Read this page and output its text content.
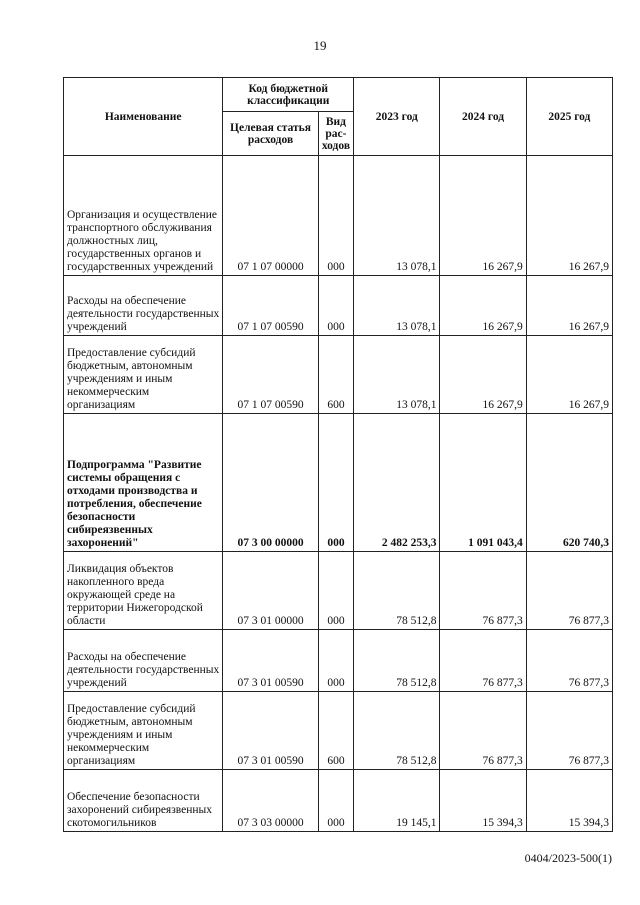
19
Наименование	Код бюджетной классификации		2023 год	2024 год	2025 год
	Целевая статья расходов	Вид рас- ходов			
Организация и осуществление транспортного обслуживания должностных лиц, государственных органов и государственных учреждений	07 1 07 00000	000	13 078,1	16 267,9	16 267,9
Расходы на обеспечение деятельности государственных учреждений	07 1 07 00590	000	13 078,1	16 267,9	16 267,9
Предоставление субсидий бюджетным, автономным учреждениям и иным некоммерческим организациям	07 1 07 00590	600	13 078,1	16 267,9	16 267,9
Подпрограмма "Развитие системы обращения с отходами производства и потребления, обеспечение безопасности сибиреязвенных захоронений"	07 3 00 00000	000	2 482 253,3	1 091 043,4	620 740,3
Ликвидация объектов накопленного вреда окружающей среде на территории Нижегородской области	07 3 01 00000	000	78 512,8	76 877,3	76 877,3
Расходы на обеспечение деятельности государственных учреждений	07 3 01 00590	000	78 512,8	76 877,3	76 877,3
Предоставление субсидий бюджетным, автономным учреждениям и иным некоммерческим организациям	07 3 01 00590	600	78 512,8	76 877,3	76 877,3
Обеспечение безопасности захоронений сибиреязвенных скотомогильников	07 3 03 00000	000	19 145,1	15 394,3	15 394,3
0404/2023-500(1)
